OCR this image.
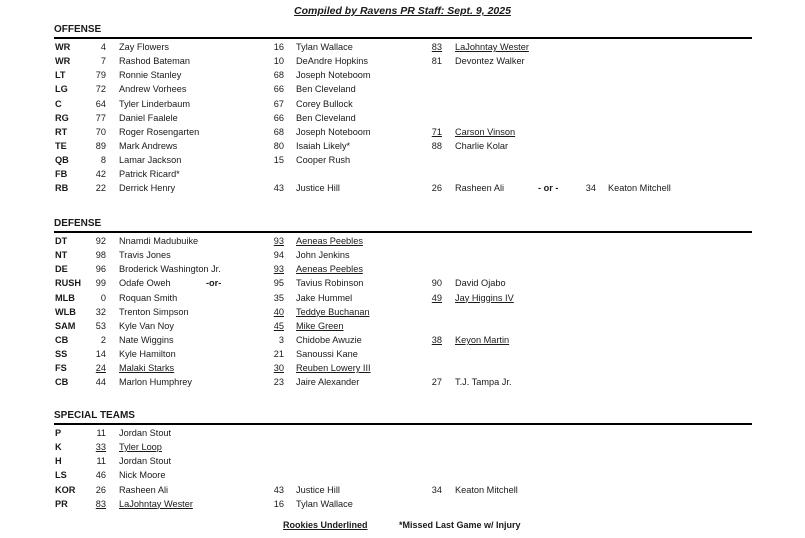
Compiled by Ravens PR Staff: Sept. 9, 2025
OFFENSE
WR	4 Zay Flowers	16 Tylan Wallace	83 LaJohntay Wester
WR	7 Rashod Bateman	10 DeAndre Hopkins	81 Devontez Walker
LT	79 Ronnie Stanley	68 Joseph Noteboom
LG	72 Andrew Vorhees	66 Ben Cleveland
C	64 Tyler Linderbaum	67 Corey Bullock
RG	77 Daniel Faalele	66 Ben Cleveland
RT	70 Roger Rosengarten	68 Joseph Noteboom	71 Carson Vinson
TE	89 Mark Andrews	80 Isaiah Likely*	88 Charlie Kolar
QB	8 Lamar Jackson	15 Cooper Rush
FB	42 Patrick Ricard*
RB	22 Derrick Henry	43 Justice Hill	26 Rasheen Ali	34 Keaton Mitchell
- or -
DEFENSE
DT	92 Nnamdi Madubuike	93 Aeneas Peebles
NT	98 Travis Jones	94 John Jenkins
DE	96 Broderick Washington Jr.	93 Aeneas Peebles
RUSH	99 Odafe Oweh	95 Tavius Robinson	90 David Ojabo
-or-
MLB	0 Roquan Smith	35 Jake Hummel	49 Jay Higgins IV
WLB	32 Trenton Simpson	40 Teddye Buchanan
SAM	53 Kyle Van Noy	45 Mike Green
CB	2 Nate Wiggins	3 Chidobe Awuzie	38 Keyon Martin
SS	14 Kyle Hamilton	21 Sanoussi Kane
FS	24 Malaki Starks	30 Reuben Lowery III
CB	44 Marlon Humphrey	23 Jaire Alexander	27 T.J. Tampa Jr.
SPECIAL TEAMS
P	11 Jordan Stout
K	33 Tyler Loop
H	11 Jordan Stout
LS	46 Nick Moore
KOR	26 Rasheen Ali	43 Justice Hill	34 Keaton Mitchell
PR	83 LaJohntay Wester	16 Tylan Wallace
Rookies Underlined	*Missed Last Game w/ Injury
